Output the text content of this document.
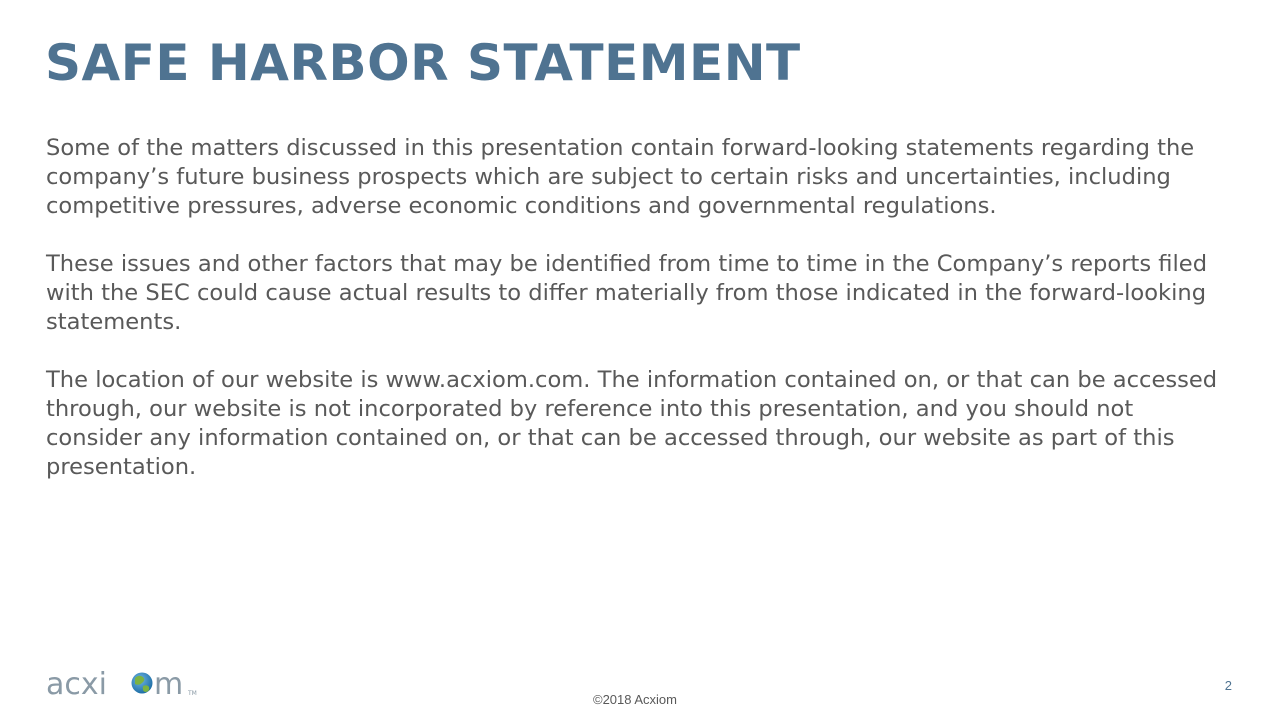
SAFE HARBOR STATEMENT

Some of the matters discussed in this presentation contain forward-looking statements regarding the company’s future business prospects which are subject to certain risks and uncertainties, including competitive pressures, adverse economic conditions and governmental regulations.

These issues and other factors that may be identified from time to time in the Company’s reports filed with the SEC could cause actual results to differ materially from those indicated in the forward-looking statements.

The location of our website is www.acxiom.com. The information contained on, or that can be accessed through, our website is not incorporated by reference into this presentation, and you should not consider any information contained on, or that can be accessed through, our website as part of this presentation.

acxi m TM	©2018 Acxiom
2
